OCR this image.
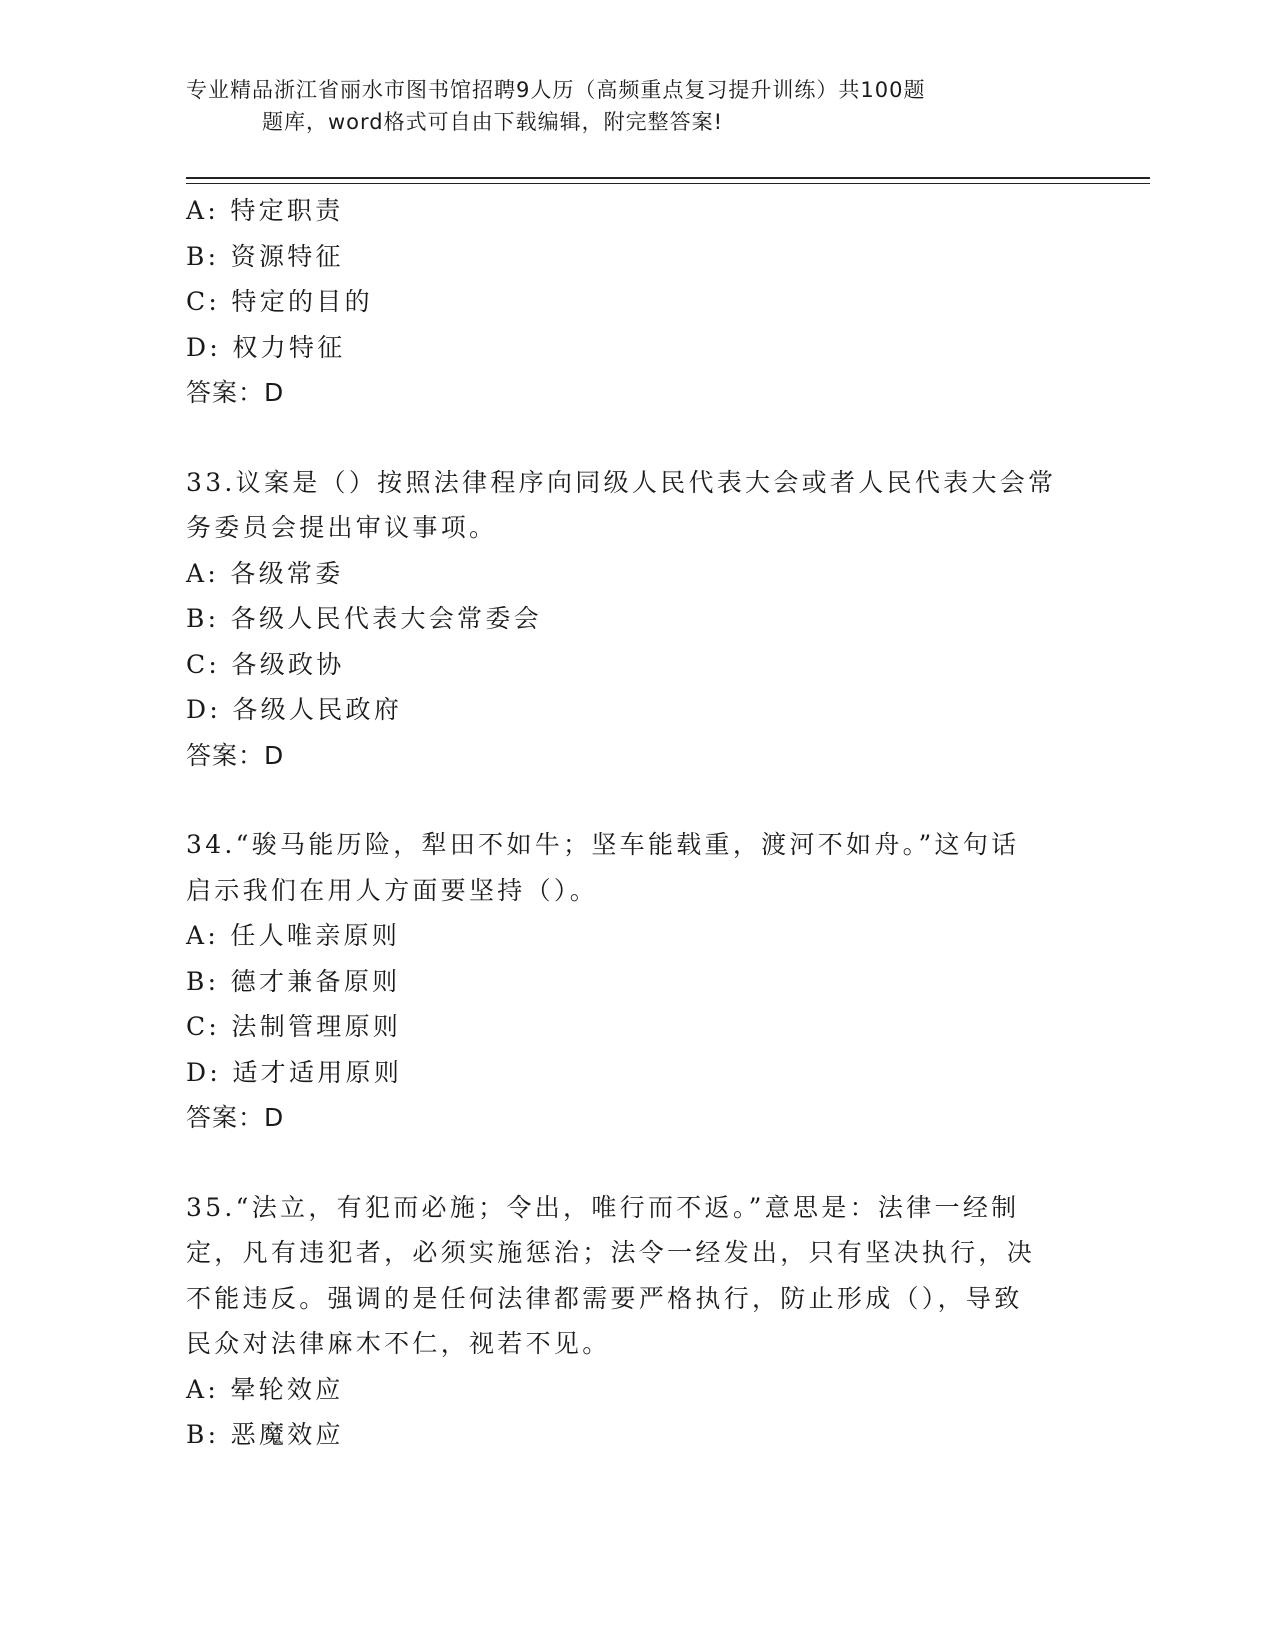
专业精品浙江省丽水市图书馆招聘9人历（高频重点复习提升训练）共100题
题库，word格式可自由下载编辑，附完整答案!
A: 特定职责
B: 资源特征
C: 特定的目的
D: 权力特征
答案：D
33.议案是（）按照法律程序向同级人民代表大会或者人民代表大会常
务委员会提出审议事项。
A: 各级常委
B: 各级人民代表大会常委会
C: 各级政协
D: 各级人民政府
答案：D
34.“骏马能历险，犁田不如牛；坚车能载重，渡河不如舟。”这句话
启示我们在用人方面要坚持（）。
A: 任人唯亲原则
B: 德才兼备原则
C: 法制管理原则
D: 适才适用原则
答案：D
35.“法立，有犯而必施；令出，唯行而不返。”意思是：法律一经制
定，凡有违犯者，必须实施惩治；法令一经发出，只有坚决执行，决
不能违反。强调的是任何法律都需要严格执行，防止形成（），导致
民众对法律麻木不仁，视若不见。
A: 晕轮效应
B: 恶魔效应
